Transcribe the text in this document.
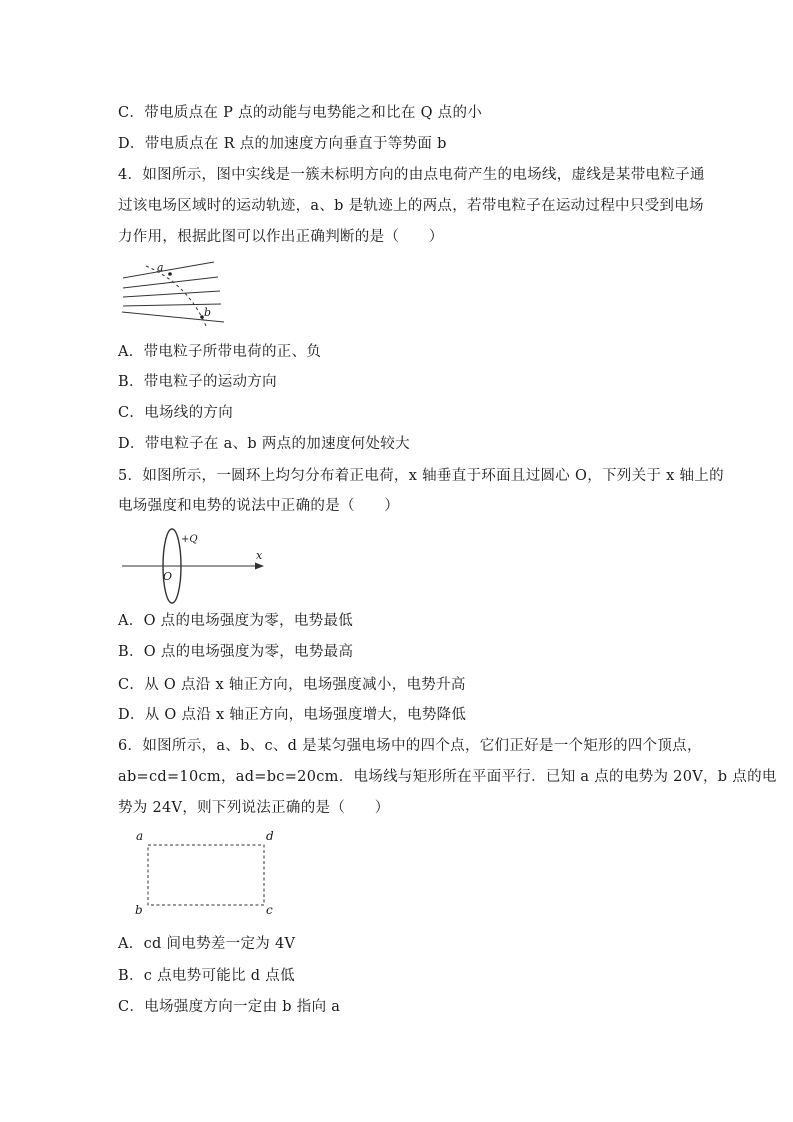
C．带电质点在 P 点的动能与电势能之和比在 Q 点的小
D．带电质点在 R 点的加速度方向垂直于等势面 b
4．如图所示，图中实线是一簇未标明方向的由点电荷产生的电场线，虚线是某带电粒子通
过该电场区域时的运动轨迹，a、b 是轨迹上的两点，若带电粒子在运动过程中只受到电场
力作用，根据此图可以作出正确判断的是（　　）
a
b
A．带电粒子所带电荷的正、负
B．带电粒子的运动方向
C．电场线的方向
D．带电粒子在 a、b 两点的加速度何处较大
5．如图所示，一圆环上均匀分布着正电荷，x 轴垂直于环面且过圆心 O，下列关于 x 轴上的
电场强度和电势的说法中正确的是（　　）
+Q
x
O
A．O 点的电场强度为零，电势最低
B．O 点的电场强度为零，电势最高
C．从 O 点沿 x 轴正方向，电场强度减小，电势升高
D．从 O 点沿 x 轴正方向，电场强度增大，电势降低
6．如图所示，a、b、c、d 是某匀强电场中的四个点，它们正好是一个矩形的四个顶点，
ab=cd=10cm，ad=bc=20cm．电场线与矩形所在平面平行．已知 a 点的电势为 20V，b 点的电
势为 24V，则下列说法正确的是（　　）
a	d
b	c
A．cd 间电势差一定为 4V
B．c 点电势可能比 d 点低
C．电场强度方向一定由 b 指向 a
